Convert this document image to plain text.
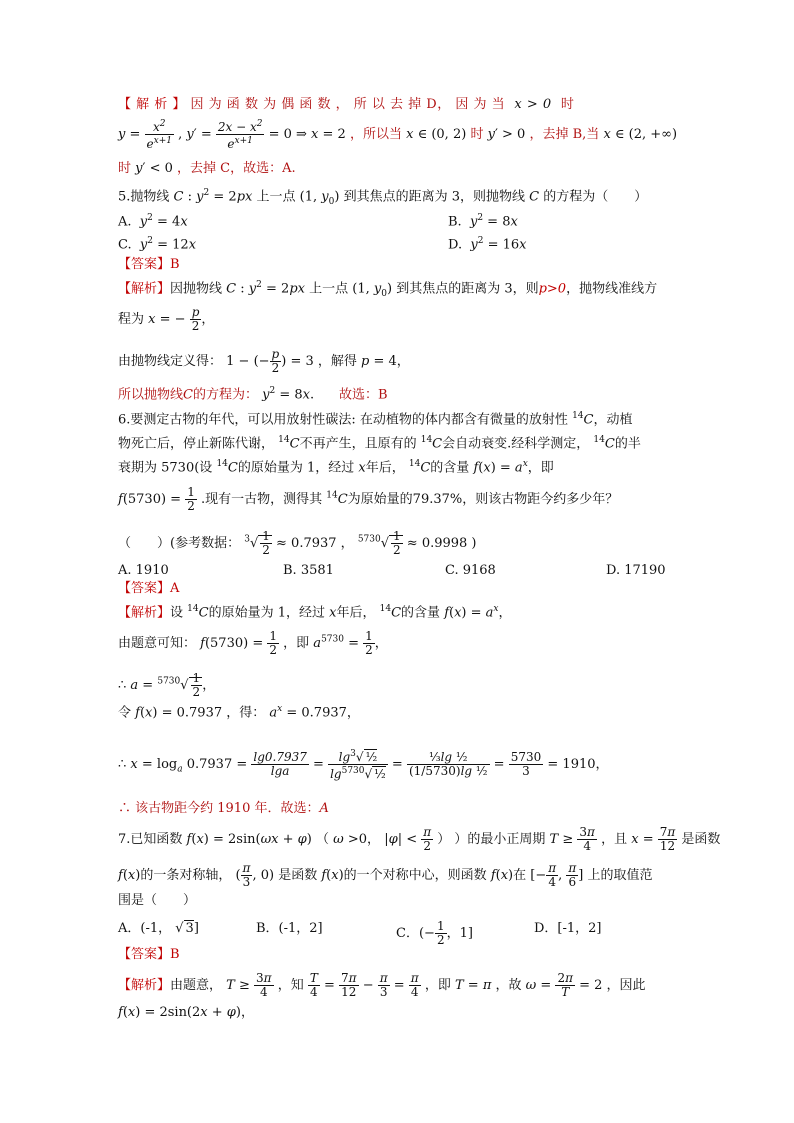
【 解 析 】 因 为 函 数 为 偶 函 数 ， 所 以 去 掉 D， 因 为 当  x > 0  时
$y = \frac{x^2}{e^{x+1}}$ , $y' = \frac{2x - x^2}{e^{x+1}} = 0$ ⇒ x = 2 ，所以当 x ∈ (0, 2) 时 y′ > 0 ，去掉 B,当 x ∈ (2, +∞)
时 y′ < 0 ，去掉 C，故选：A.
5.抛物线 C : $y^2 = 2px$ 上一点 (1, $y_0$) 到其焦点的距离为 3，则抛物线 C 的方程为（　　）
A. $y^2 = 4x$	B. $y^2 = 8x$
C. $y^2 = 12x$	D. $y^2 = 16x$
【答案】B
【解析】因抛物线 C : $y^2 = 2px$ 上一点 (1, $y_0$) 到其焦点的距离为 3，则p>0，抛物线准线方
程为 x = − $\frac{p}{2}$ ，
由抛物线定义得： 1 − (− $\frac{p}{2}$ ) = 3 ，解得 p = 4，
所以抛物线C的方程为： $y^2 = 8x$. 故选：B
6.要测定古物的年代，可以用放射性碳法: 在动植物的体内都含有微量的放射性 $^{14}$C，动植
物死亡后，停止新陈代谢， $^{14}$C不再产生，且原有的 $^{14}$C会自动衰变.经科学测定， $^{14}$C的半
衰期为 5730(设 $^{14}$C的原始量为 1，经过 x年后， $^{14}$C的含量 $f(x) = a^x$，即
$f(5730) = \frac{1}{2}$ .现有一古物，测得其 $^{14}$C为原始量的79.37%，则该古物距今约多少年？
（　　）(参考数据： $^3√ \frac{1}{2} \approx 0.7937$ ， $^{5730}√ \frac{1}{2} \approx 0.9998$ )
A. 1910	B. 3581	C. 9168	D. 17190
【答案】A
【解析】设 $^{14}$C的原始量为 1，经过 x年后， $^{14}$C的含量 $f(x) = a^x$，
由题意可知： $f(5730) = \frac{1}{2}$ ，即 $a^{5730} = \frac{1}{2}$ ，
∴ $a = ^{5730}√ \frac{1}{2}$ ，
令 f(x) = 0.7937 ，得： $a^x = 0.7937$，
∴ $x = \log_a 0.7937 = \frac{\lg 0.7937}{\lg a} = \frac{\lg^3√ \frac{1}{2}}{\lg^{5730}√ \frac{1}{2}} = \frac{\text{⅓lg ½}}{\text{(1/5730)lg ½}} = \frac{5730}{3} = 1910$，
∴ 该古物距今约 1910 年．故选：A
7.已知函数 f(x) = 2sin(ωx + φ) （ ω >0， $|\varphi| < \frac{\pi}{2}$ ） ）的最小正周期 $T \ge \frac{3\pi}{4}$ ，且 $x = \frac{7\pi}{12}$ 是函数
f(x)的一条对称轴， ( $\frac{\pi}{3}$ , 0) 是函数 f(x)的一个对称中心，则函数 f(x)在 [− $\frac{\pi}{4}$ , $\frac{\pi}{6}$ ] 上的取值范
围是（　　）
A．(-1， √ 3]	B．(-1，2]	C．(− $\frac{1}{2}$ ，1]	D．[-1，2]
【答案】B
【解析】由题意， $T \ge \frac{3\pi}{4}$ ，知 $\frac{T}{4} = \frac{7\pi}{12} - \frac{\pi}{3} = \frac{\pi}{4}$ ，即 T = π ，故 $\omega = \frac{2\pi}{T} = 2$ ，因此
f(x) = 2sin(2x + φ)，
